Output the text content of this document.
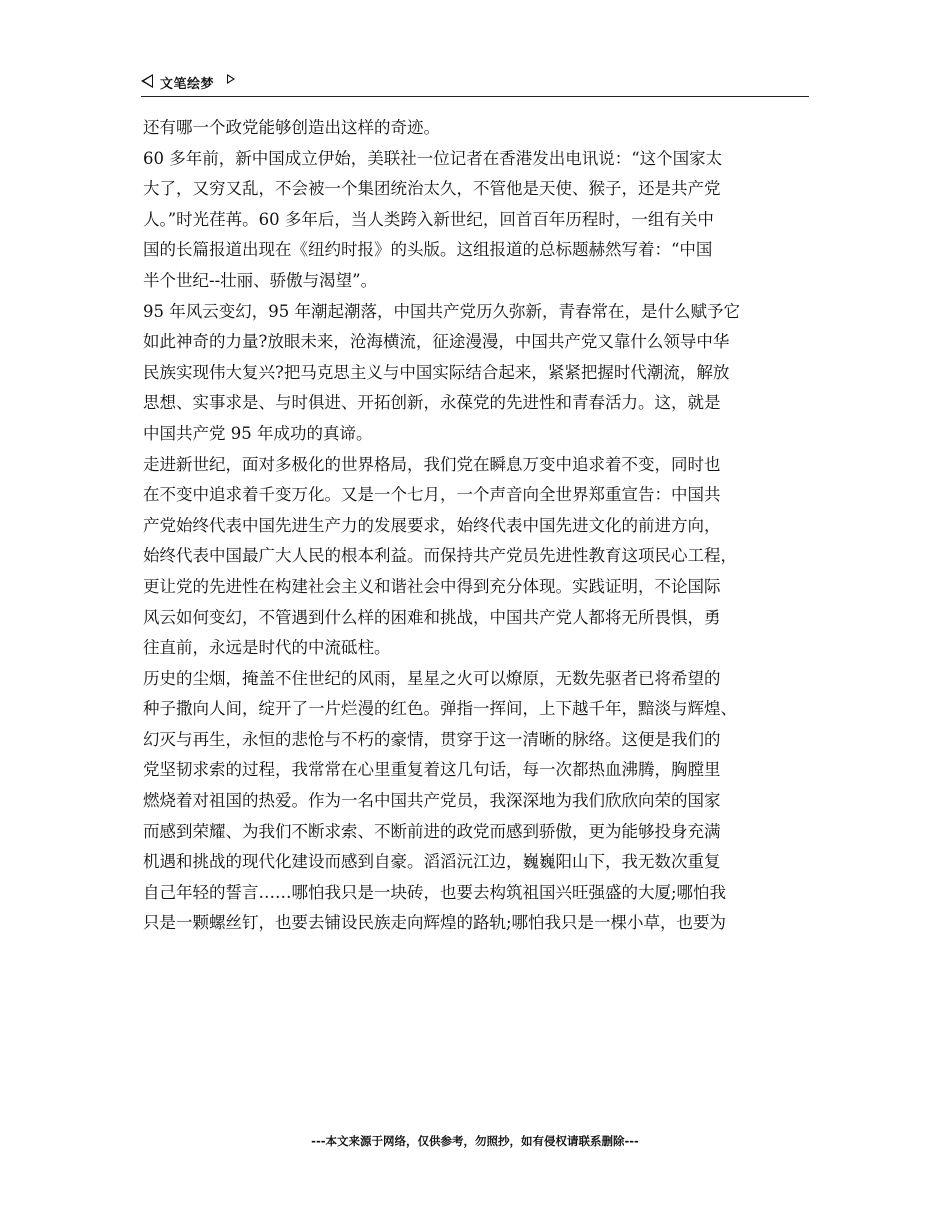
文笔绘梦
还有哪一个政党能够创造出这样的奇迹。
60 多年前，新中国成立伊始，美联社一位记者在香港发出电讯说：“这个国家太
大了，又穷又乱，不会被一个集团统治太久，不管他是天使、猴子，还是共产党
人。”时光荏苒。60 多年后，当人类跨入新世纪，回首百年历程时，一组有关中
国的长篇报道出现在《纽约时报》的头版。这组报道的总标题赫然写着：“中国
半个世纪--壮丽、骄傲与渴望”。
95 年风云变幻，95 年潮起潮落，中国共产党历久弥新，青春常在，是什么赋予它
如此神奇的力量?放眼未来，沧海横流，征途漫漫，中国共产党又靠什么领导中华
民族实现伟大复兴?把马克思主义与中国实际结合起来，紧紧把握时代潮流，解放
思想、实事求是、与时俱进、开拓创新，永葆党的先进性和青春活力。这，就是
中国共产党 95 年成功的真谛。
走进新世纪，面对多极化的世界格局，我们党在瞬息万变中追求着不变，同时也
在不变中追求着千变万化。又是一个七月，一个声音向全世界郑重宣告：中国共
产党始终代表中国先进生产力的发展要求，始终代表中国先进文化的前进方向，
始终代表中国最广大人民的根本利益。而保持共产党员先进性教育这项民心工程，
更让党的先进性在构建社会主义和谐社会中得到充分体现。实践证明，不论国际
风云如何变幻，不管遇到什么样的困难和挑战，中国共产党人都将无所畏惧，勇
往直前，永远是时代的中流砥柱。
历史的尘烟，掩盖不住世纪的风雨，星星之火可以燎原，无数先驱者已将希望的
种子撒向人间，绽开了一片烂漫的红色。弹指一挥间，上下越千年，黯淡与辉煌、
幻灭与再生，永恒的悲怆与不朽的豪情，贯穿于这一清晰的脉络。这便是我们的
党坚韧求索的过程，我常常在心里重复着这几句话，每一次都热血沸腾，胸膛里
燃烧着对祖国的热爱。作为一名中国共产党员，我深深地为我们欣欣向荣的国家
而感到荣耀、为我们不断求索、不断前进的政党而感到骄傲，更为能够投身充满
机遇和挑战的现代化建设而感到自豪。滔滔沅江边，巍巍阳山下，我无数次重复
自己年轻的誓言……哪怕我只是一块砖，也要去构筑祖国兴旺强盛的大厦;哪怕我
只是一颗螺丝钉，也要去铺设民族走向辉煌的路轨;哪怕我只是一棵小草，也要为
---本文来源于网络，仅供参考，勿照抄，如有侵权请联系删除---
